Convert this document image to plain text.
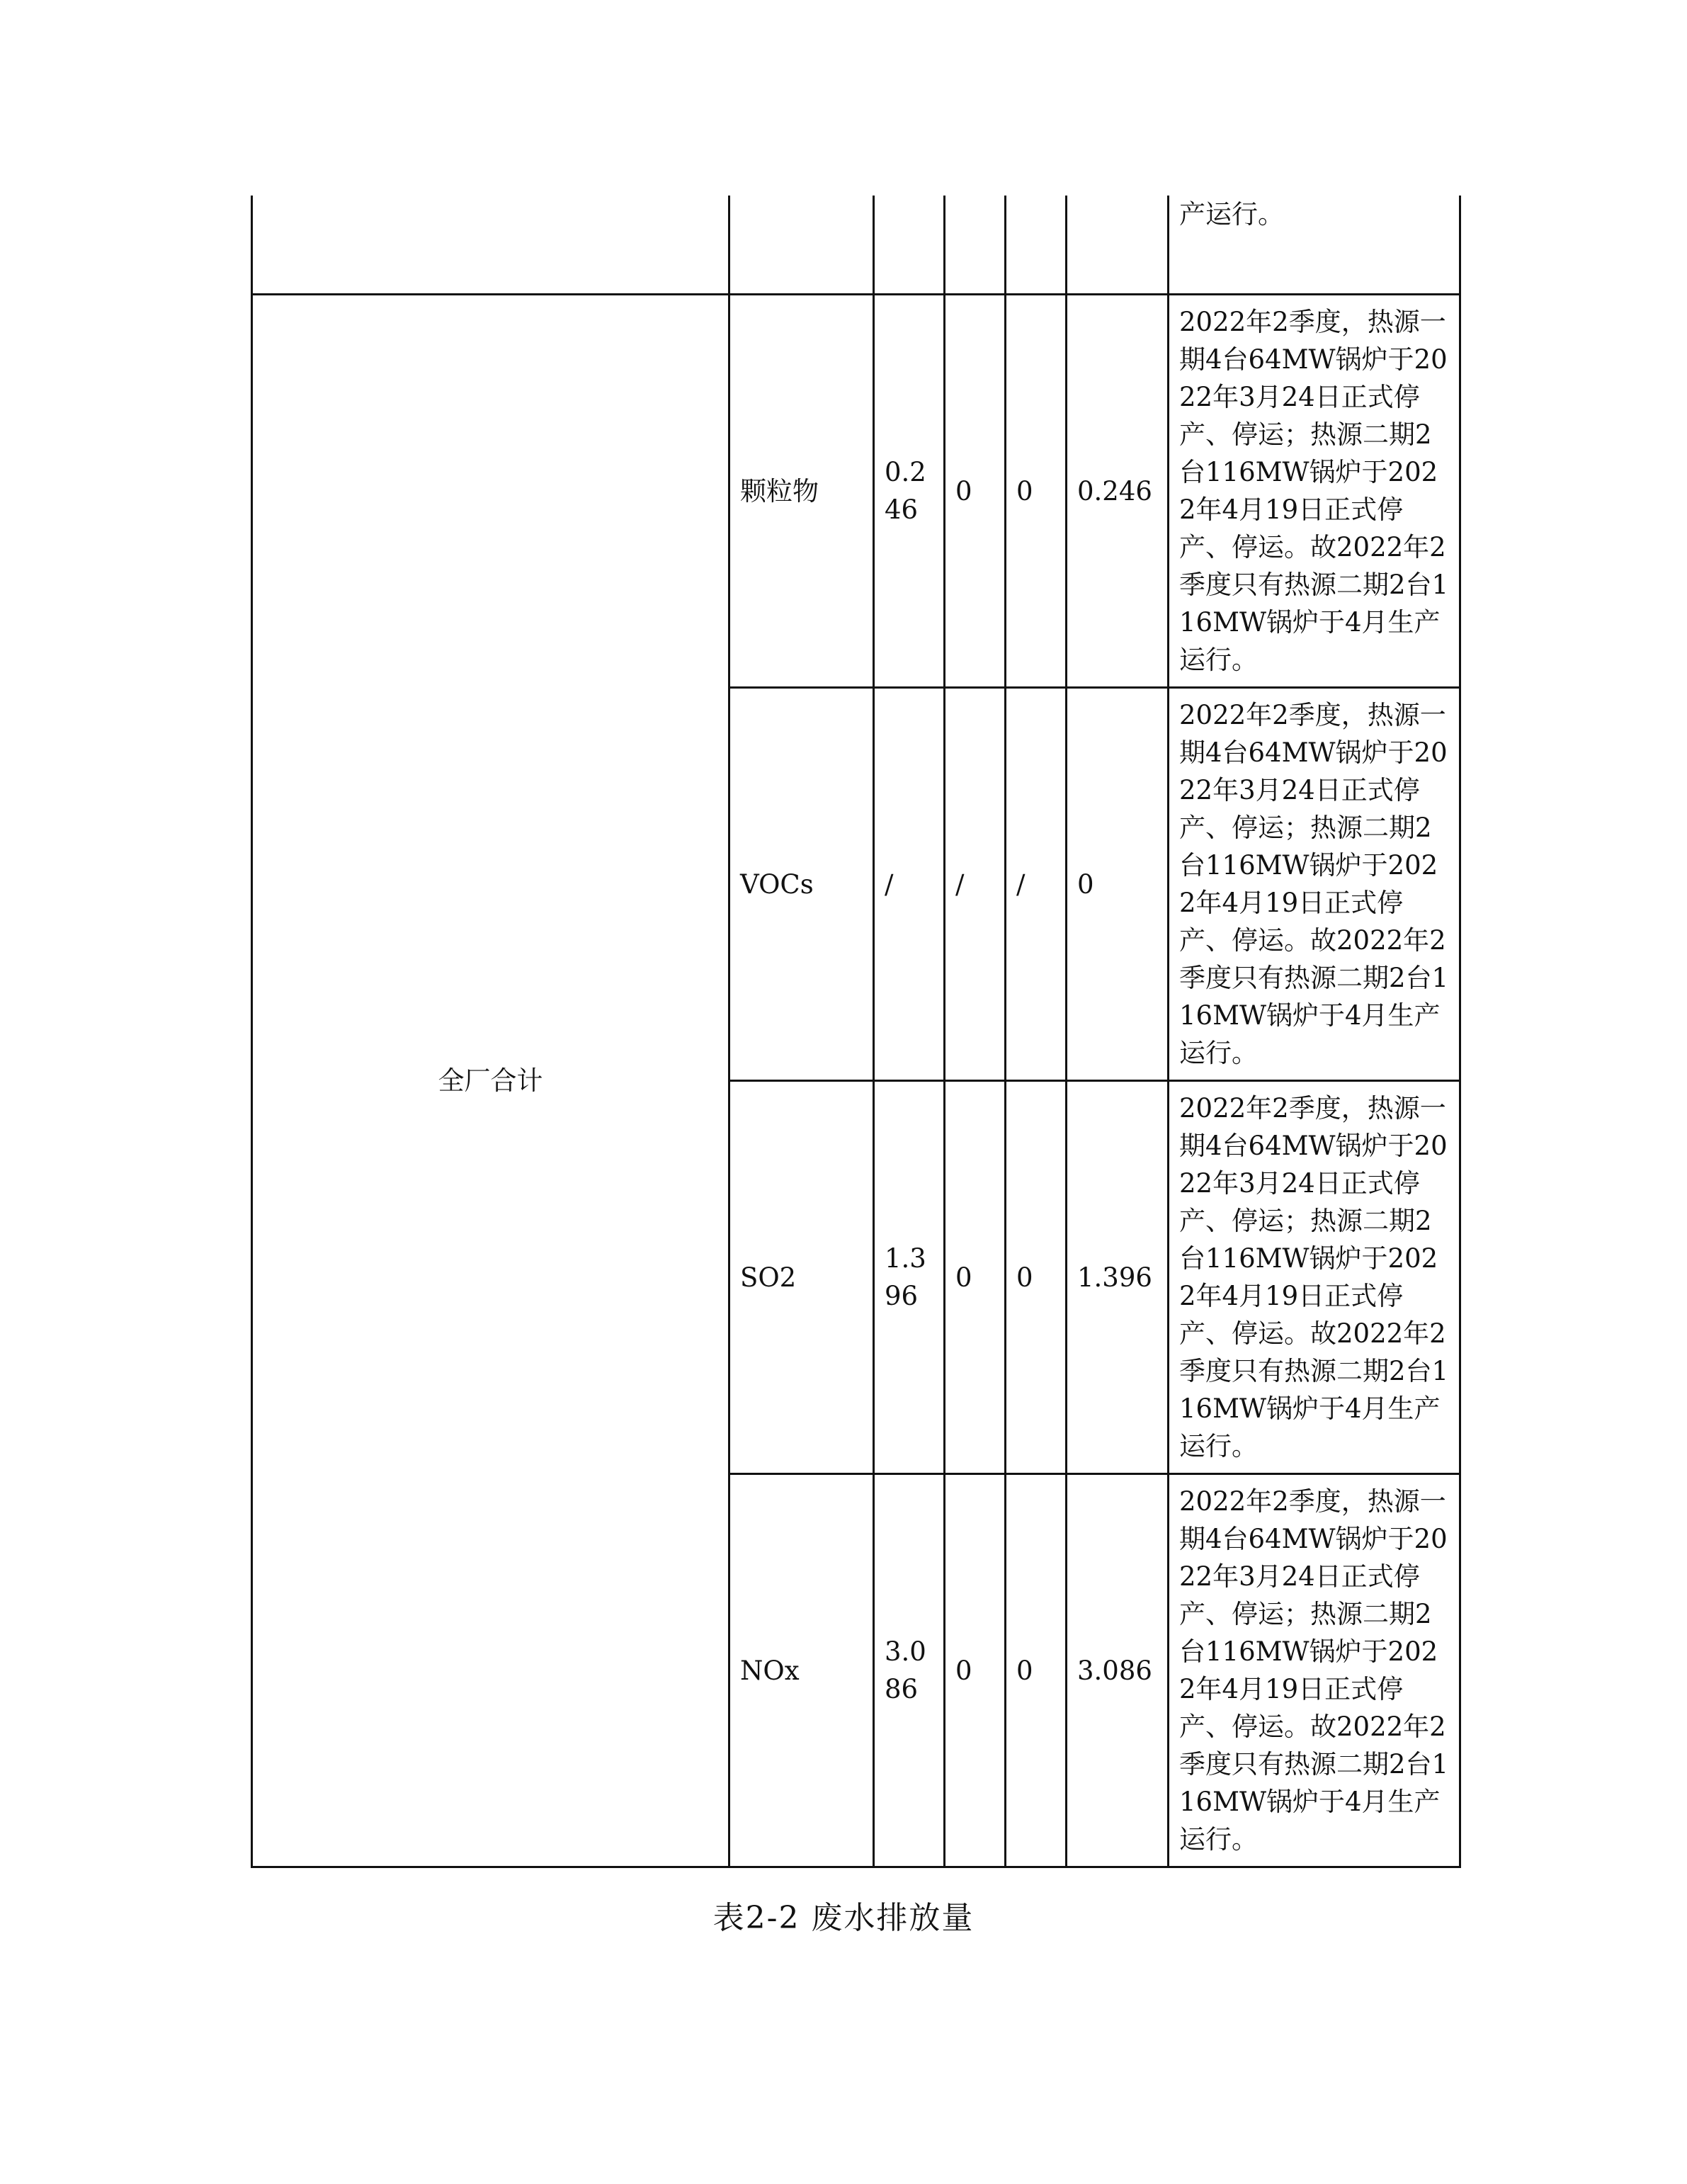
						产运行。
全厂合计	颗粒物	0.246	0	0	0.246	2022年2季度，热源一期4台64MW锅炉于2022年3月24日正式停产、停运；热源二期2台116MW锅炉于2022年4月19日正式停产、停运。故2022年2季度只有热源二期2台116MW锅炉于4月生产运行。
	VOCs	/	/	/	0	2022年2季度，热源一期4台64MW锅炉于2022年3月24日正式停产、停运；热源二期2台116MW锅炉于2022年4月19日正式停产、停运。故2022年2季度只有热源二期2台116MW锅炉于4月生产运行。
	SO2	1.396	0	0	1.396	2022年2季度，热源一期4台64MW锅炉于2022年3月24日正式停产、停运；热源二期2台116MW锅炉于2022年4月19日正式停产、停运。故2022年2季度只有热源二期2台116MW锅炉于4月生产运行。
	NOx	3.086	0	0	3.086	2022年2季度，热源一期4台64MW锅炉于2022年3月24日正式停产、停运；热源二期2台116MW锅炉于2022年4月19日正式停产、停运。故2022年2季度只有热源二期2台116MW锅炉于4月生产运行。
表2-2 废水排放量
